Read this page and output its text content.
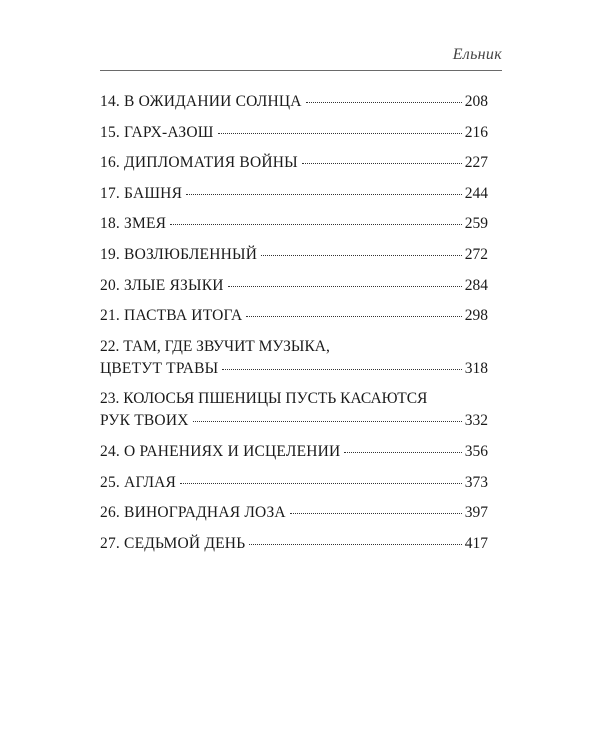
Ельник
14. В ОЖИДАНИИ СОЛНЦА	208
15. ГАРХ-АЗОШ	216
16. ДИПЛОМАТИЯ ВОЙНЫ	227
17. БАШНЯ	244
18. ЗМЕЯ	259
19. ВОЗЛЮБЛЕННЫЙ	272
20. ЗЛЫЕ ЯЗЫКИ	284
21. ПАСТВА ИТОГА	298
22. ТАМ, ГДЕ ЗВУЧИТ МУЗЫКА,
ЦВЕТУТ ТРАВЫ	318
23. КОЛОСЬЯ ПШЕНИЦЫ ПУСТЬ КАСАЮТСЯ
РУК ТВОИХ	332
24. О РАНЕНИЯХ И ИСЦЕЛЕНИИ	356
25. АГЛАЯ	373
26. ВИНОГРАДНАЯ ЛОЗА	397
27. СЕДЬМОЙ ДЕНЬ	417
